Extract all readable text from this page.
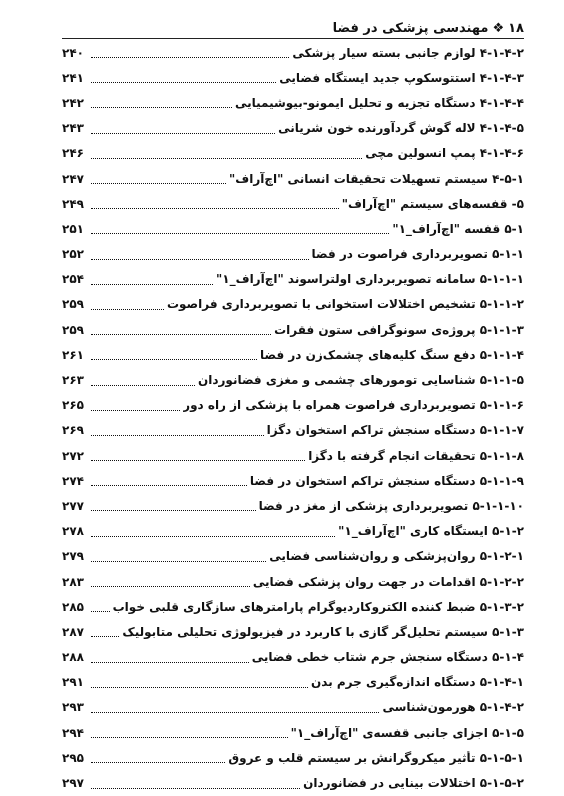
۱۸
❖
مهندسی پزشکی در فضا
۴-۱-۴-۲ لوازم جانبی بسته سیار پزشکی
۲۴۰
۴-۱-۴-۳ استتوسکوپ جدید ایستگاه فضایی
۲۴۱
۴-۱-۴-۴ دستگاه تجزیه و تحلیل ایمونو-بیوشیمیایی
۲۴۲
۴-۱-۴-۵ لاله گوش گردآورنده خون شریانی
۲۴۳
۴-۱-۴-۶ پمپ انسولین مچی
۲۴۶
۴-۵-۱ سیستم تسهیلات تحقیقات انسانی "اچ‌آراف"
۲۴۷
۵- قفسه‌های سیستم "اچ‌آراف"
۲۴۹
۵-۱ قفسه "اچ‌آراف_۱"
۲۵۱
۵-۱-۱ تصویربرداری فراصوت در فضا
۲۵۲
۵-۱-۱-۱ سامانه تصویربرداری اولتراسوند "اچ‌آراف_۱"
۲۵۴
۵-۱-۱-۲ تشخیص اختلالات استخوانی با تصویربرداری فراصوت
۲۵۹
۵-۱-۱-۳ پروژه‌ی سونوگرافی ستون فقرات
۲۵۹
۵-۱-۱-۴ دفع سنگ کلیه‌های چشمک‌زن در فضا
۲۶۱
۵-۱-۱-۵ شناسایی تومورهای چشمی و مغزی فضانوردان
۲۶۳
۵-۱-۱-۶ تصویربرداری فراصوت همراه با پزشکی از راه دور
۲۶۵
۵-۱-۱-۷ دستگاه سنجش تراکم استخوان دگزا
۲۶۹
۵-۱-۱-۸ تحقیقات انجام گرفته با دگزا
۲۷۲
۵-۱-۱-۹ دستگاه سنجش تراکم استخوان در فضا
۲۷۴
۵-۱-۱-۱۰ تصویربرداری پزشکی از مغز در فضا
۲۷۷
۵-۱-۲ ایستگاه کاری "اچ‌آراف_۱"
۲۷۸
۵-۱-۲-۱ روان‌پزشکی و روان‌شناسی فضایی
۲۷۹
۵-۱-۲-۲ اقدامات در جهت روان پزشکی فضایی
۲۸۳
۵-۱-۳-۲ ضبط کننده الکتروکاردیوگرام پارامترهای سازگاری قلبی خواب
۲۸۵
۵-۱-۳ سیستم تحلیل‌گر گازی با کاربرد در فیزیولوژی تحلیلی متابولیک
۲۸۷
۵-۱-۴ دستگاه سنجش جرم شتاب خطی فضایی
۲۸۸
۵-۱-۴-۱ دستگاه اندازه‌گیری جرم بدن
۲۹۱
۵-۱-۴-۲ هورمون‌شناسی
۲۹۳
۵-۱-۵ اجزای جانبی قفسه‌ی "اچ‌آراف_۱"
۲۹۴
۵-۱-۵-۱ تأثیر میکروگرانش بر سیستم قلب و عروق
۲۹۵
۵-۱-۵-۲ اختلالات بینایی در فضانوردان
۲۹۷
